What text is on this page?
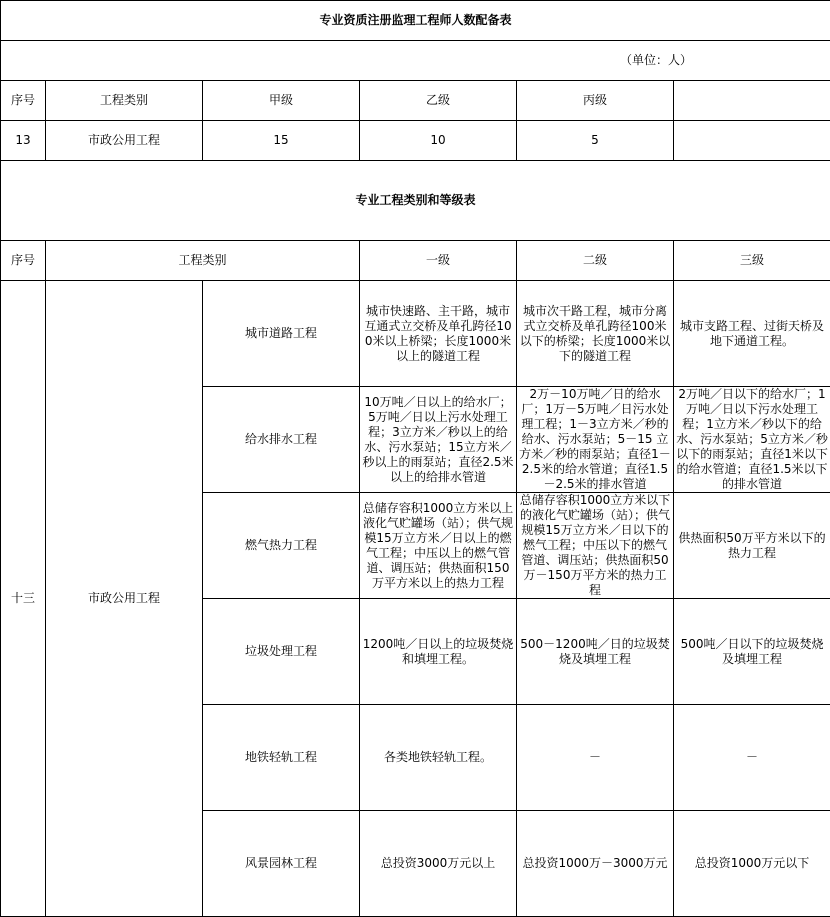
专业资质注册监理工程师人数配备表					
（单位：人）					
序号	工程类别	甲级	乙级	丙级	
13	市政公用工程	15	10	5	
专业工程类别和等级表					
序号	工程类别		一级	二级	三级
十三	市政公用工程	城市道路工程	城市快速路、主干路，城市互通式立交桥及单孔跨径100米以上桥梁；长度1000米以上的隧道工程	城市次干路工程，城市分离式立交桥及单孔跨径100米以下的桥梁；长度1000米以下的隧道工程	城市支路工程、过街天桥及地下通道工程。
		给水排水工程	10万吨／日以上的给水厂；5万吨／日以上污水处理工程；3立方米／秒以上的给水、污水泵站；15立方米／秒以上的雨泵站；直径2.5米以上的给排水管道	2万－10万吨／日的给水厂；1万－5万吨／日污水处理工程；1－3立方米／秒的给水、污水泵站；5－15 立方米／秒的雨泵站；直径1－2.5米的给水管道；直径1.5－2.5米的排水管道	2万吨／日以下的给水厂；1万吨／日以下污水处理工程；1立方米／秒以下的给水、污水泵站；5立方米／秒以下的雨泵站；直径1米以下的给水管道；直径1.5米以下的排水管道
		燃气热力工程	总储存容积1000立方米以上液化气贮罐场（站）；供气规模15万立方米／日以上的燃气工程；中压以上的燃气管道、调压站；供热面积150万平方米以上的热力工程	总储存容积1000立方米以下的液化气贮罐场（站）；供气规模15万立方米／日以下的燃气工程；中压以下的燃气管道、调压站；供热面积50万－150万平方米的热力工程	供热面积50万平方米以下的热力工程
		垃圾处理工程	1200吨／日以上的垃圾焚烧和填埋工程。	500－1200吨／日的垃圾焚烧及填埋工程	500吨／日以下的垃圾焚烧及填埋工程
		地铁轻轨工程	各类地铁轻轨工程。	－	－
		风景园林工程	总投资3000万元以上	总投资1000万－3000万元	总投资1000万元以下
